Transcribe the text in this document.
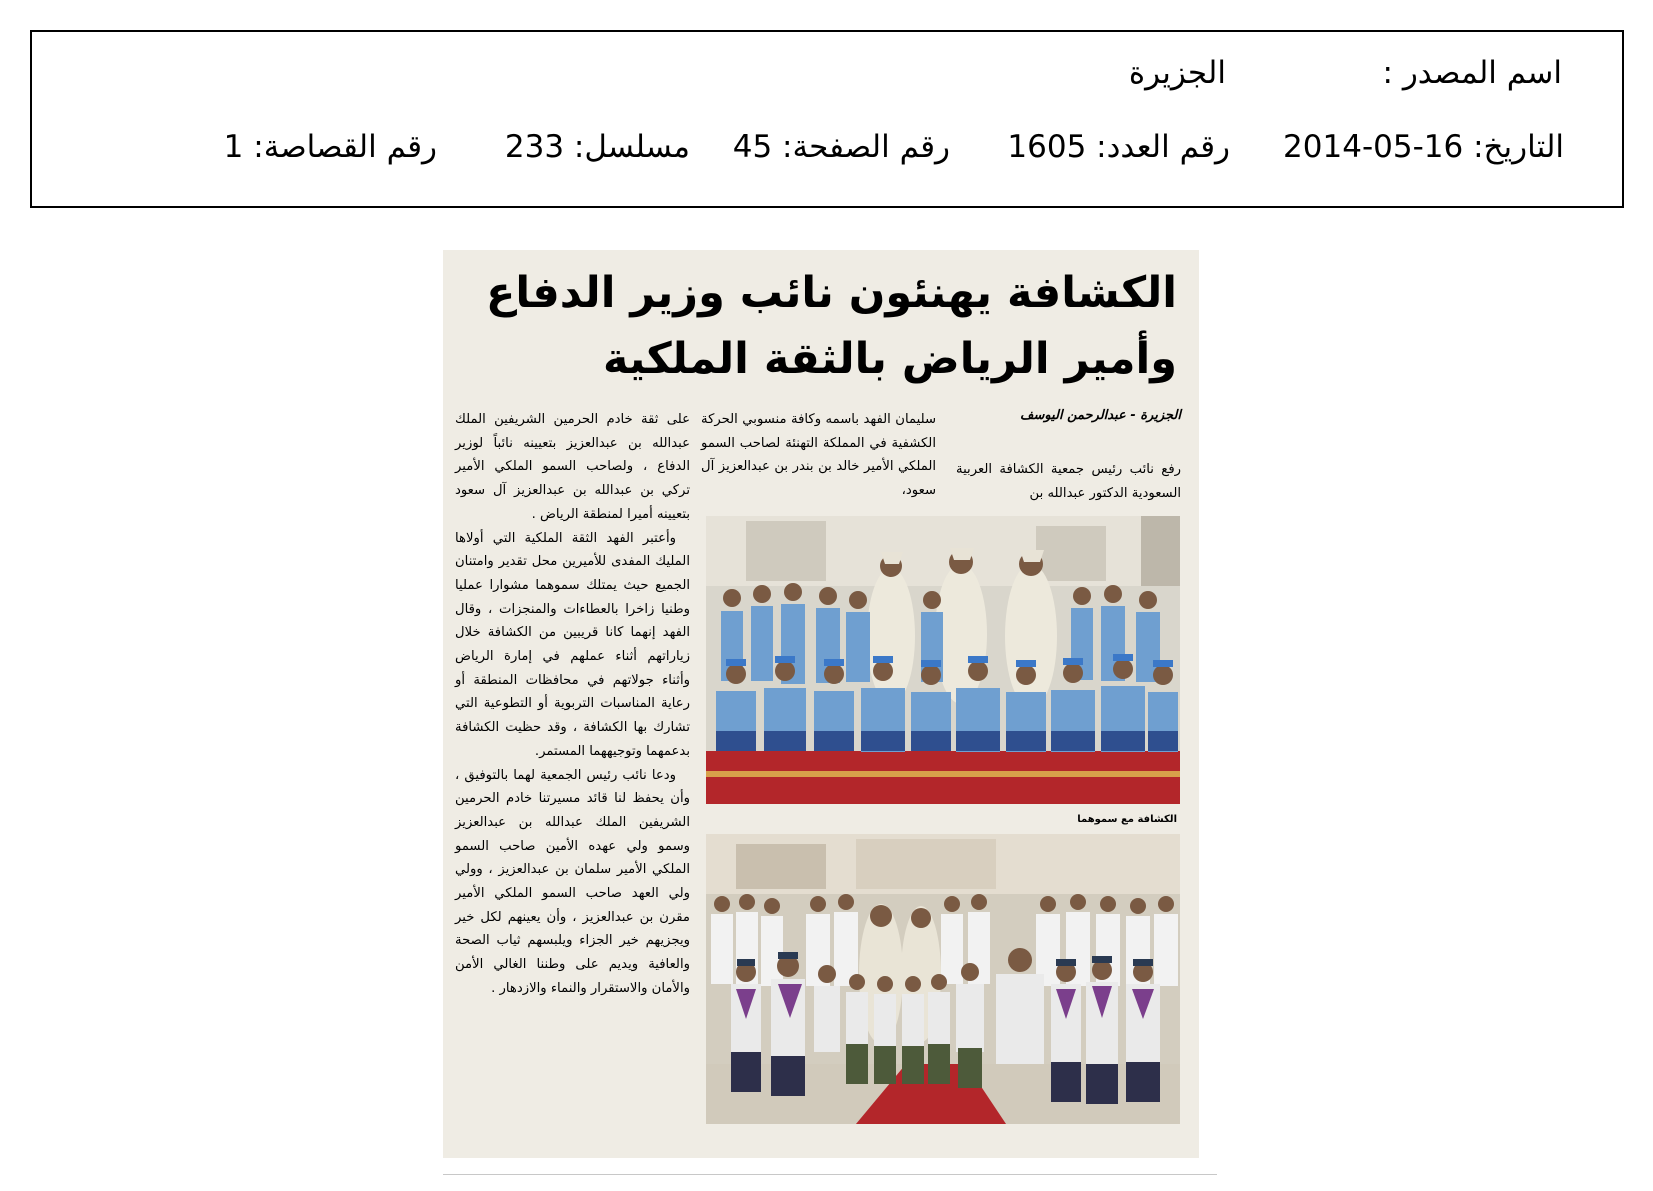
اسم المصدر :
الجزيرة
التاريخ: 16-05-2014
رقم العدد: 1605
رقم الصفحة: 45
مسلسل: 233
رقم القصاصة: 1
الكشافة يهنئون نائب وزير الدفاع
وأمير الرياض بالثقة الملكية
الجزيرة - عبدالرحمن اليوسف
رفع نائب رئيس جمعية الكشافة العربية السعودية الدكتور عبدالله بن
سليمان الفهد باسمه وكافة منسوبي الحركة الكشفية في المملكة التهنئة لصاحب السمو الملكي الأمير خالد بن بندر بن عبدالعزيز آل سعود،
على ثقة خادم الحرمين الشريفين الملك عبدالله بن عبدالعزيز بتعيينه نائباً لوزير الدفاع ، ولصاحب السمو الملكي الأمير تركي بن عبدالله بن عبدالعزيز آل سعود بتعيينه أميرا لمنطقة الرياض .
وأعتبر الفهد الثقة الملكية التي أولاها المليك المفدى للأميرين محل تقدير وامتنان الجميع حيث يمتلك سموهما مشوارا عمليا وطنيا زاخرا بالعطاءات والمنجزات ، وقال الفهد إنهما كانا قريبين من الكشافة خلال زياراتهم أثناء عملهم في إمارة الرياض وأثناء جولاتهم في محافظات المنطقة أو رعاية المناسبات التربوية أو التطوعية التي تشارك بها الكشافة ، وقد حظيت الكشافة بدعمهما وتوجيههما المستمر.
ودعا نائب رئيس الجمعية لهما بالتوفيق ، وأن يحفظ لنا قائد مسيرتنا خادم الحرمين الشريفين الملك عبدالله بن عبدالعزيز وسمو ولي عهده الأمين صاحب السمو الملكي الأمير سلمان بن عبدالعزيز ، وولي ولي العهد صاحب السمو الملكي الأمير مقرن بن عبدالعزيز ، وأن يعينهم لكل خير ويجزيهم خير الجزاء ويلبسهم ثياب الصحة والعافية ويديم على وطننا الغالي الأمن والأمان والاستقرار والنماء والازدهار .
الكشافة مع سموهما
